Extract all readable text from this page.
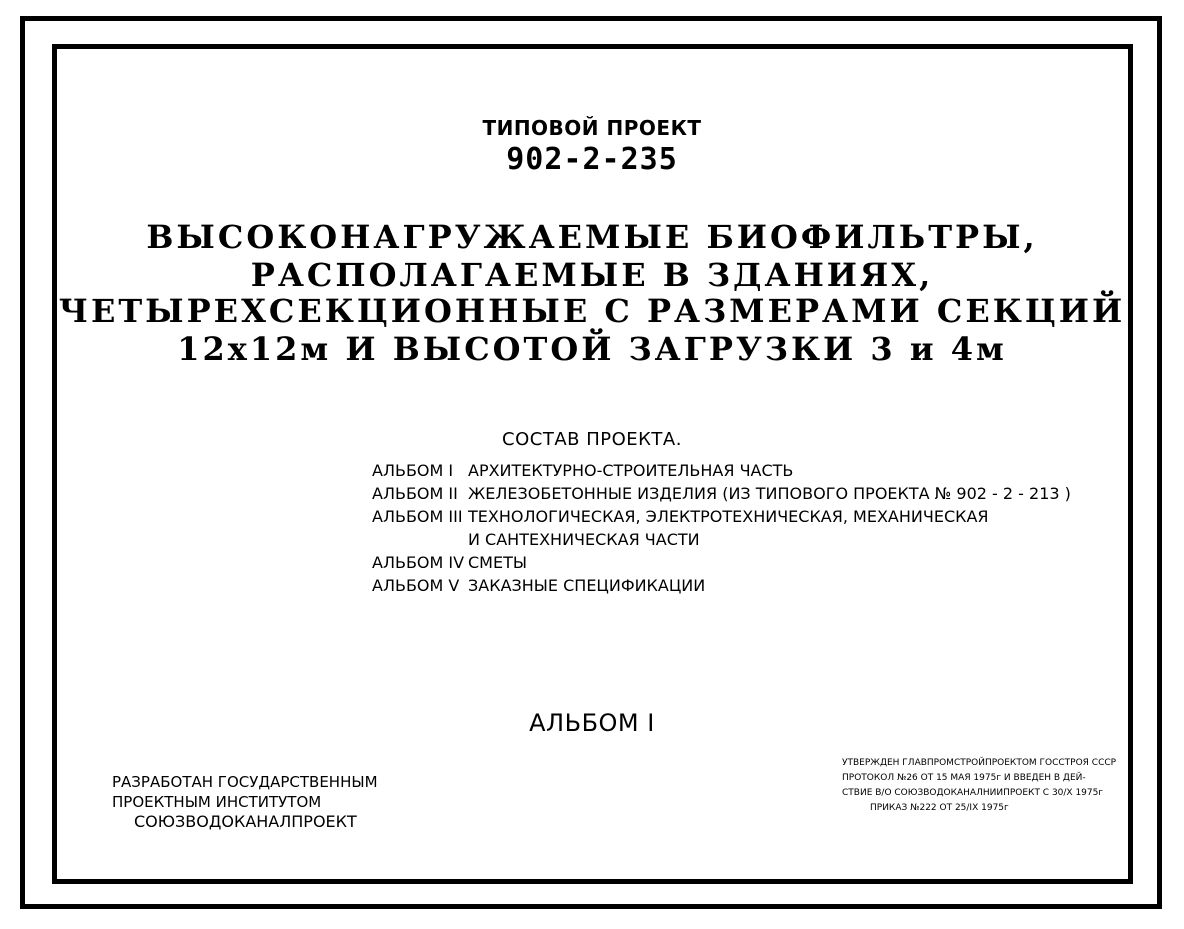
ТИПОВОЙ ПРОЕКТ
902-2-235
ВЫСОКОНАГРУЖАЕМЫЕ БИОФИЛЬТРЫ,
РАСПОЛАГАЕМЫЕ В ЗДАНИЯХ,
ЧЕТЫРЕХСЕКЦИОННЫЕ С РАЗМЕРАМИ СЕКЦИЙ
12х12м И ВЫСОТОЙ ЗАГРУЗКИ 3 и 4м
СОСТАВ ПРОЕКТА.
АЛЬБОМ I АРХИТЕКТУРНО-СТРОИТЕЛЬНАЯ ЧАСТЬ
АЛЬБОМ II ЖЕЛЕЗОБЕТОННЫЕ ИЗДЕЛИЯ (ИЗ ТИПОВОГО ПРОЕКТА № 902 - 2 - 213 )
АЛЬБОМ III ТЕХНОЛОГИЧЕСКАЯ, ЭЛЕКТРОТЕХНИЧЕСКАЯ, МЕХАНИЧЕСКАЯ
И САНТЕХНИЧЕСКАЯ ЧАСТИ
АЛЬБОМ IV СМЕТЫ
АЛЬБОМ V ЗАКАЗНЫЕ СПЕЦИФИКАЦИИ
АЛЬБОМ I
РАЗРАБОТАН ГОСУДАРСТВЕННЫМ
ПРОЕКТНЫМ ИНСТИТУТОМ
СОЮЗВОДОКАНАЛПРОЕКТ
УТВЕРЖДЕН ГЛАВПРОМСТРОЙПРОЕКТОМ ГОССТРОЯ СССР
ПРОТОКОЛ №26 ОТ 15 МАЯ 1975г И ВВЕДЕН В ДЕЙ-
СТВИЕ В/О СОЮЗВОДОКАНАЛНИИПРОЕКТ С 30/X 1975г
ПРИКАЗ №222 ОТ 25/IX 1975г
